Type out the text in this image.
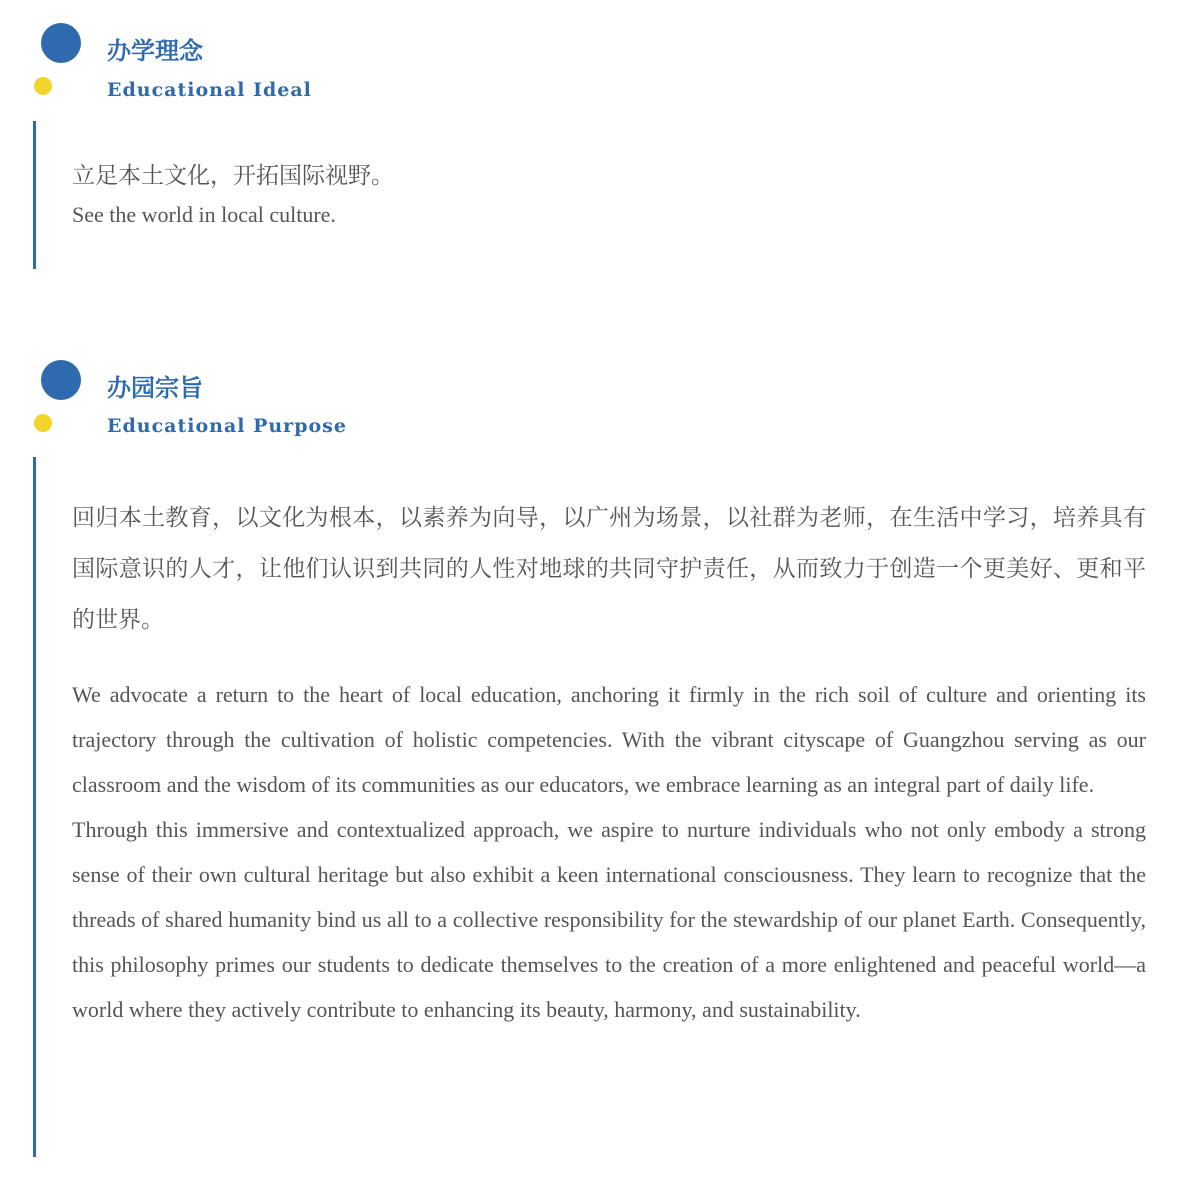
办学理念
Educational Ideal

立足本土文化，开拓国际视野。

See the world in local culture.

办园宗旨
Educational Purpose

回归本土教育，以文化为根本，以素养为向导，以广州为场景，以社群为老师，在生活中学习，培养具有国际意识的人才，让他们认识到共同的人性对地球的共同守护责任，从而致力于创造一个更美好、更和平的世界。

We advocate a return to the heart of local education, anchoring it firmly in the rich soil of culture and orienting its trajectory through the cultivation of holistic competencies. With the vibrant cityscape of Guangzhou serving as our classroom and the wisdom of its communities as our educators, we embrace learning as an integral part of daily life.

Through this immersive and contextualized approach, we aspire to nurture individuals who not only embody a strong sense of their own cultural heritage but also exhibit a keen international consciousness. They learn to recognize that the threads of shared humanity bind us all to a collective responsibility for the stewardship of our planet Earth. Consequently, this philosophy primes our students to dedicate themselves to the creation of a more enlightened and peaceful world—a world where they actively contribute to enhancing its beauty, harmony, and sustainability.
